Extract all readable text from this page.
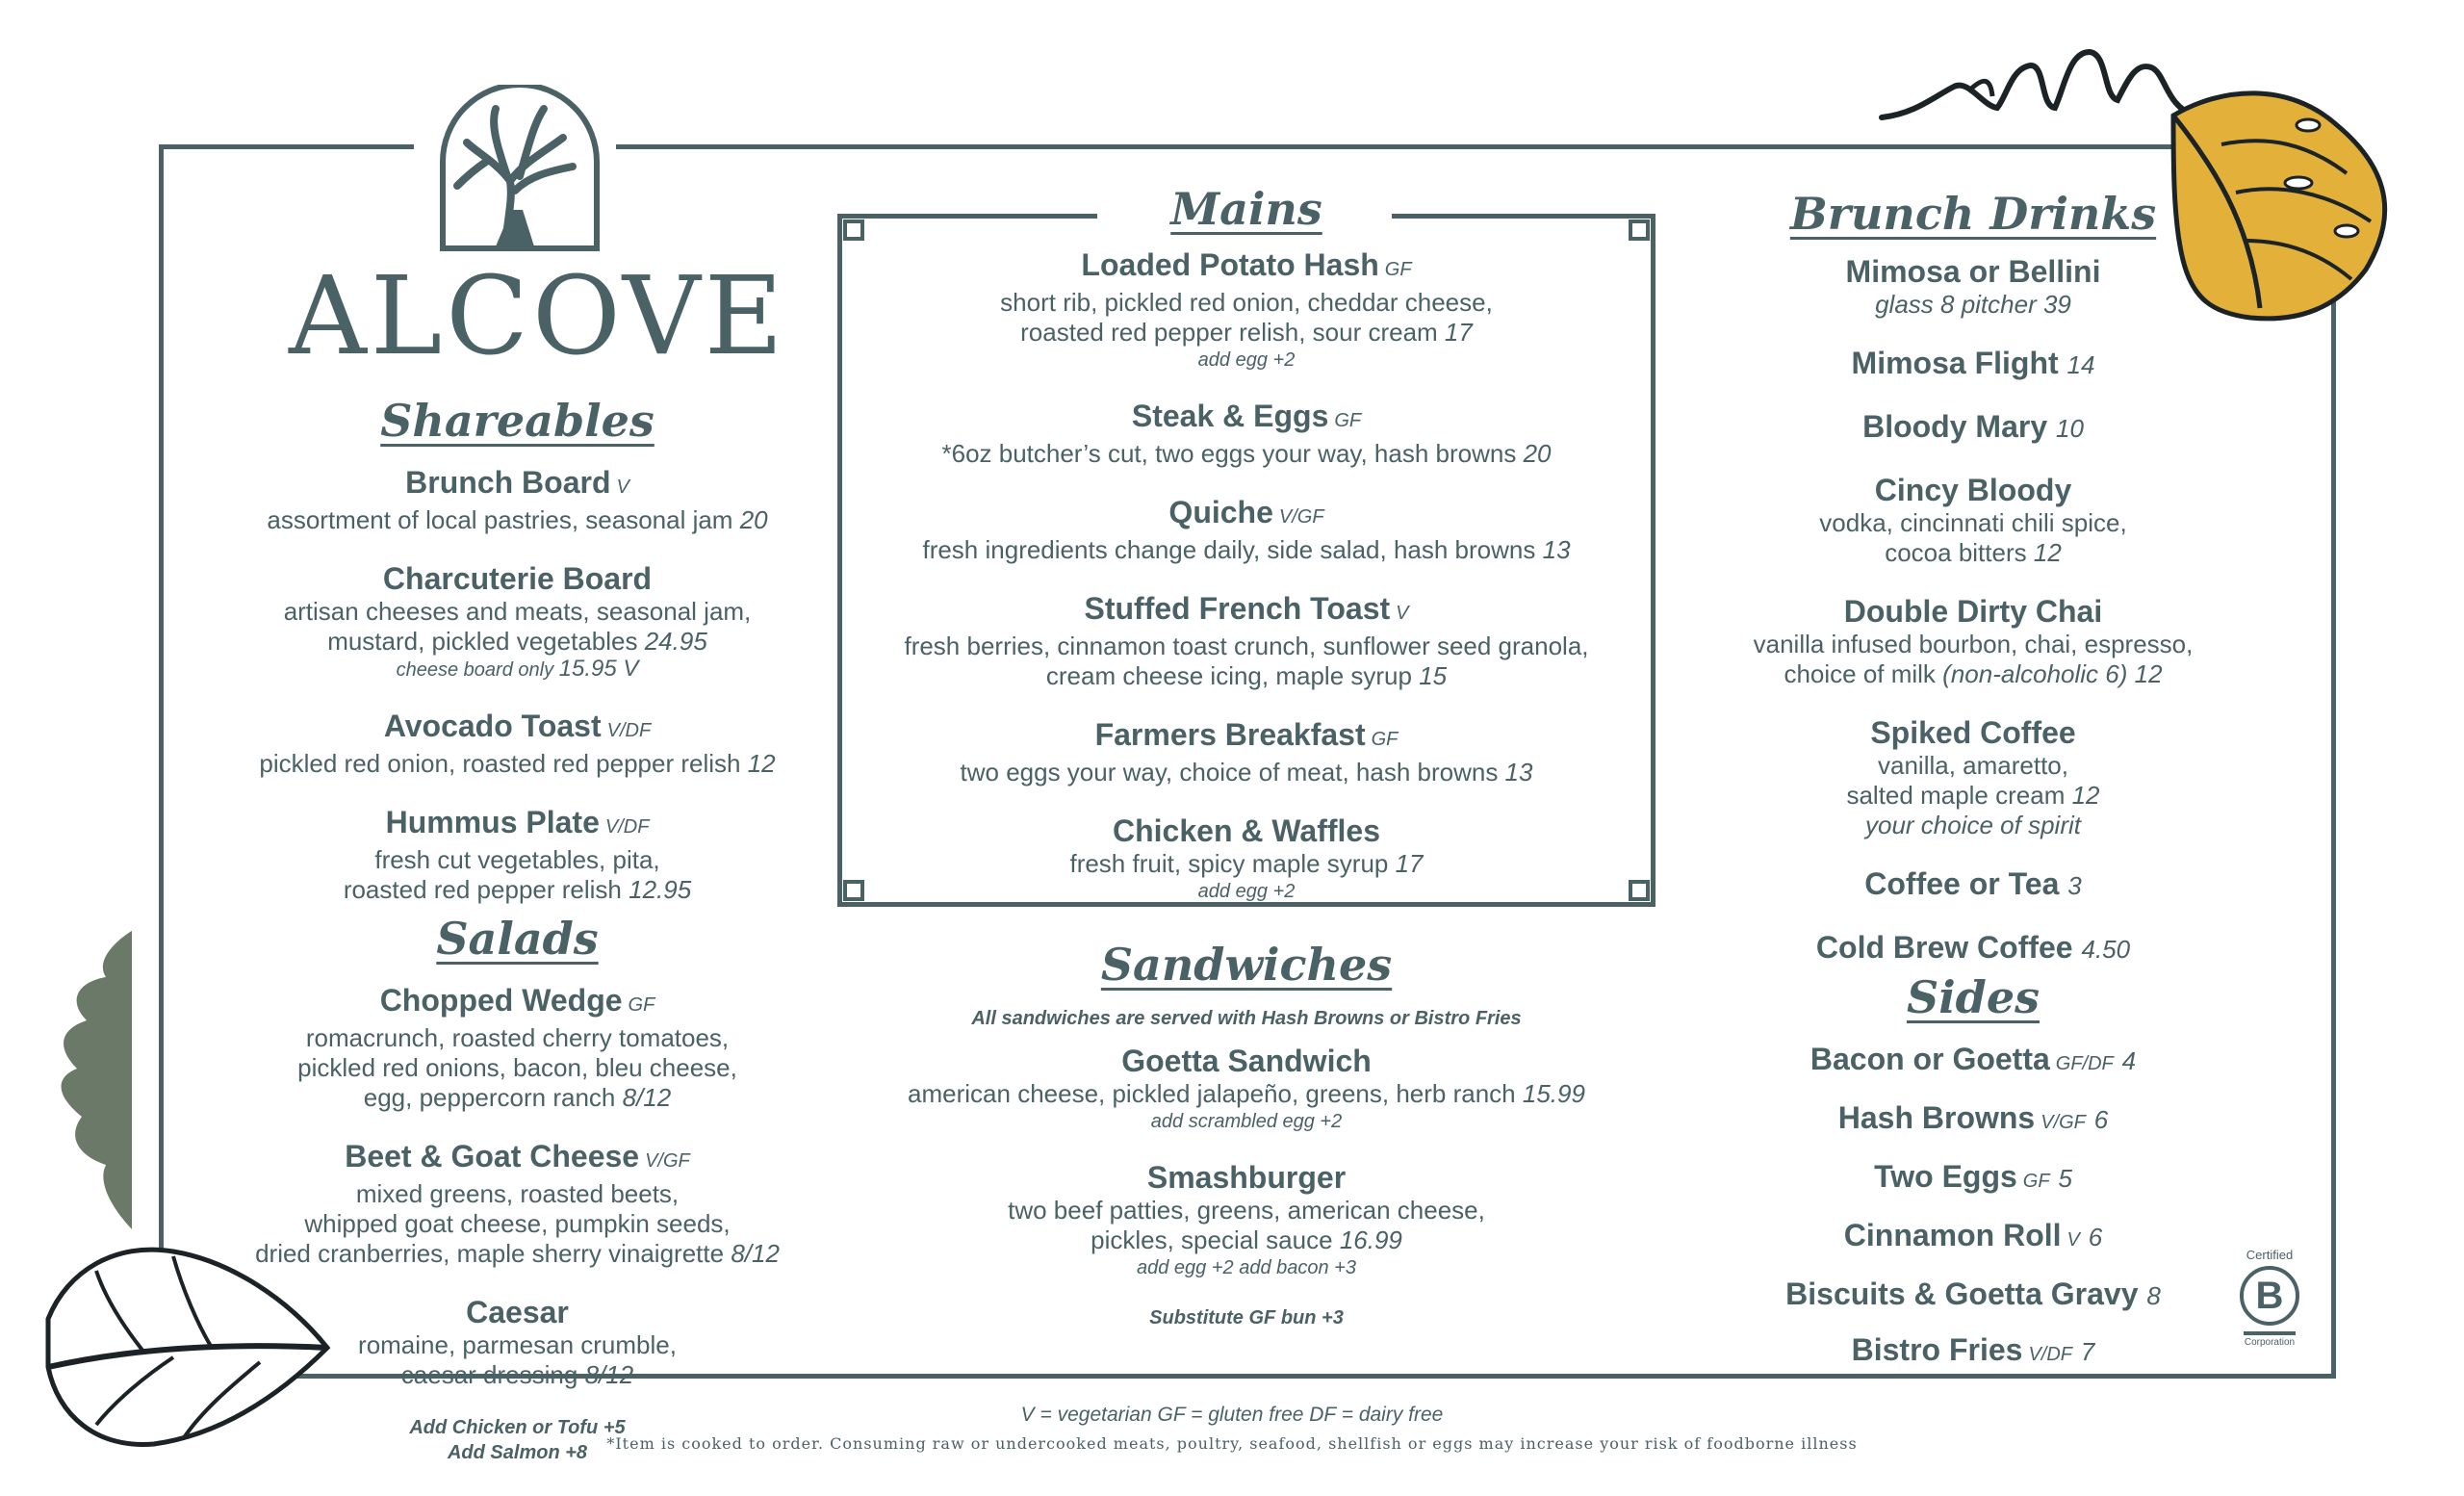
ALCOVE
Shareables
Brunch Board V
assortment of local pastries, seasonal jam 20
Charcuterie Board
artisan cheeses and meats, seasonal jam,
mustard, pickled vegetables 24.95
cheese board only 15.95 V
Avocado Toast V/DF
pickled red onion, roasted red pepper relish 12
Hummus Plate V/DF
fresh cut vegetables, pita,
roasted red pepper relish 12.95
Salads
Chopped Wedge GF
romacrunch, roasted cherry tomatoes,
pickled red onions, bacon, bleu cheese,
egg, peppercorn ranch 8/12
Beet & Goat Cheese V/GF
mixed greens, roasted beets,
whipped goat cheese, pumpkin seeds,
dried cranberries, maple sherry vinaigrette 8/12
Caesar
romaine, parmesan crumble,
caesar dressing 8/12
Add Chicken or Tofu +5
Add Salmon +8
Mains
Loaded Potato Hash GF
short rib, pickled red onion, cheddar cheese,
roasted red pepper relish, sour cream 17
add egg +2
Steak & Eggs GF
*6oz butcher’s cut, two eggs your way, hash browns 20
Quiche V/GF
fresh ingredients change daily, side salad, hash browns 13
Stuffed French Toast V
fresh berries, cinnamon toast crunch, sunflower seed granola,
cream cheese icing, maple syrup 15
Farmers Breakfast GF
two eggs your way, choice of meat, hash browns 13
Chicken & Waffles
fresh fruit, spicy maple syrup 17
add egg +2
Sandwiches
All sandwiches are served with Hash Browns or Bistro Fries
Goetta Sandwich
american cheese, pickled jalapeño, greens, herb ranch 15.99
add scrambled egg +2
Smashburger
two beef patties, greens, american cheese,
pickles, special sauce 16.99
add egg +2 add bacon +3
Substitute GF bun +3
Brunch Drinks
Mimosa or Bellini
glass 8 pitcher 39
Mimosa Flight 14
Bloody Mary 10
Cincy Bloody
vodka, cincinnati chili spice,
cocoa bitters 12
Double Dirty Chai
vanilla infused bourbon, chai, espresso,
choice of milk (non-alcoholic 6) 12
Spiked Coffee
vanilla, amaretto,
salted maple cream 12
your choice of spirit
Coffee or Tea 3
Cold Brew Coffee 4.50
Sides
Bacon or Goetta GF/DF 4
Hash Browns V/GF 6
Two Eggs GF 5
Cinnamon Roll V 6
Biscuits & Goetta Gravy 8
Bistro Fries V/DF 7
Certified
B
Corporation
V = vegetarian GF = gluten free DF = dairy free
*Item is cooked to order. Consuming raw or undercooked meats, poultry, seafood, shellfish or eggs may increase your risk of foodborne illness
